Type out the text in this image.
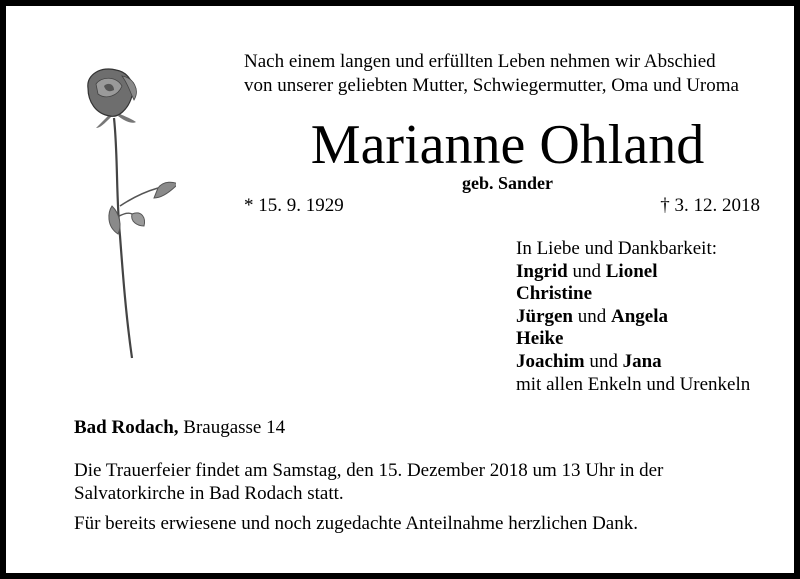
Nach einem langen und erfüllten Leben nehmen wir Abschied
von unserer geliebten Mutter, Schwiegermutter, Oma und Uroma
Marianne Ohland
geb. Sander
* 15. 9. 1929	† 3. 12. 2018
In Liebe und Dankbarkeit:
Ingrid und Lionel
Christine
Jürgen und Angela
Heike
Joachim und Jana
mit allen Enkeln und Urenkeln
Bad Rodach, Braugasse 14
Die Trauerfeier findet am Samstag, den 15. Dezember 2018 um 13 Uhr in der
Salvatorkirche in Bad Rodach statt.
Für bereits erwiesene und noch zugedachte Anteilnahme herzlichen Dank.
